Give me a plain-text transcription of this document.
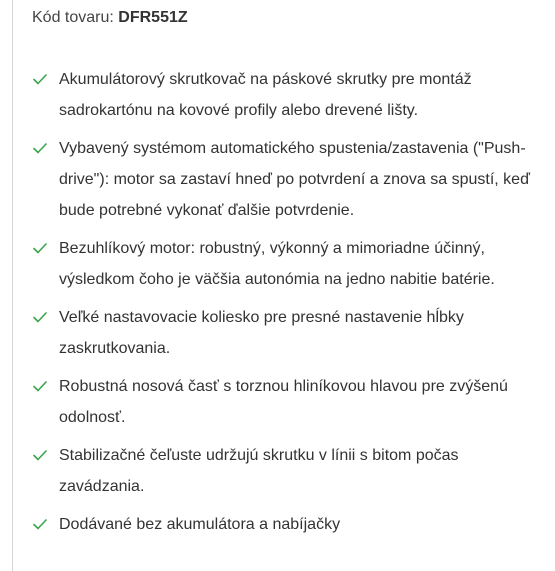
Kód tovaru: DFR551Z
Akumulátorový skrutkovač na páskové skrutky pre montáž sadrokartónu na kovové profily alebo drevené lišty.
Vybavený systémom automatického spustenia/zastavenia ("Push-drive"): motor sa zastaví hneď po potvrdení a znova sa spustí, keď bude potrebné vykonať ďalšie potvrdenie.
Bezuhlíkový motor: robustný, výkonný a mimoriadne účinný, výsledkom čoho je väčšia autonómia na jedno nabitie batérie.
Veľké nastavovacie koliesko pre presné nastavenie hĺbky zaskrutkovania.
Robustná nosová časť s torznou hliníkovou hlavou pre zvýšenú odolnosť.
Stabilizačné čeľuste udržujú skrutku v línii s bitom počas zavádzania.
Dodávané bez akumulátora a nabíjačky
